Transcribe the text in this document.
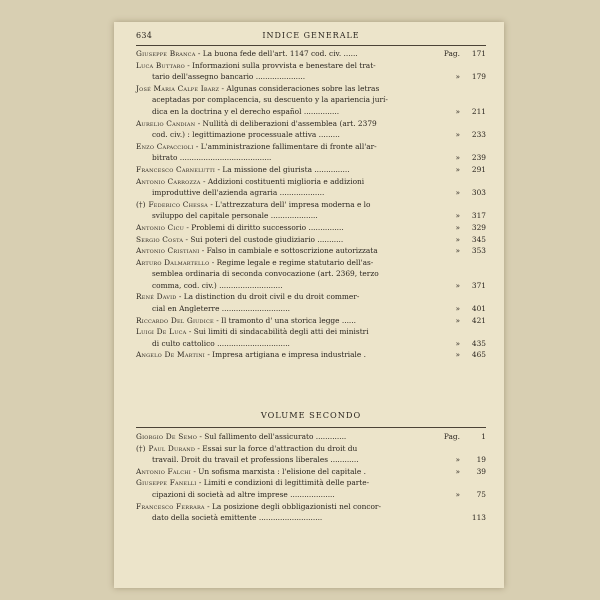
634	INDICE GENERALE
Giuseppe Branca - La buona fede dell'art. 1147 cod. civ. ......	Pag. 171
Luca Buttaro - Informazioni sulla provvista e benestare del trat-
tario dell'assegno bancario .....................	» 179
José Maria Calpe Ibarz - Algunas consideraciones sobre las letras
aceptadas por complacencia, su descuento y la apariencia jurí-
dica en la doctrina y el derecho español ...............	» 211
Aurelio Candian - Nullità di deliberazioni d'assemblea (art. 2379
cod. civ.) : legittimazione processuale attiva .........	» 233
Enzo Capaccioli - L'amministrazione fallimentare di fronte all'ar-
bitrato .......................................	» 239
Francesco Carnelutti - La missione del giurista ...............	» 291
Antonio Carrozza - Addizioni costituenti miglioria e addizioni
improduttive dell'azienda agraria ...................	» 303
(†) Federico Chessa - L'attrezzatura dell' impresa moderna e lo
sviluppo del capitale personale ....................	» 317
Antonio Cicu - Problemi di diritto successorio ...............	» 329
Sergio Costa - Sui poteri del custode giudiziario ...........	» 345
Antonio Cristiani - Falso in cambiale e sottoscrizione autorizzata	» 353
Arturo Dalmartello - Regime legale e regime statutario dell'as-
semblea ordinaria di seconda convocazione (art. 2369, terzo
comma, cod. civ.) ...........................	» 371
René David - La distinction du droit civil e du droit commer-
cial en Angleterre .............................	» 401
Riccardo Del Giudice - Il tramonto d' una storica legge ......	» 421
Luigi De Luca - Sui limiti di sindacabilità degli atti dei ministri
di culto cattolico ...............................	» 435
Angelo De Martini - Impresa artigiana e impresa industriale .	» 465
VOLUME SECONDO
Giorgio De Semo - Sul fallimento dell'assicurato .............	Pag.	1
(†) Paul Durand - Essai sur la force d'attraction du droit du
travail. Droit du travail et professions liberales ............	» 19
Antonio Falchi - Un sofisma marxista : l'elisione del capitale .	» 39
Giuseppe Fanelli - Limiti e condizioni di legittimità delle parte-
cipazioni di società ad altre imprese ...................	» 75
Francesco Ferrara - La posizione degli obbligazionisti nel concor-
dato della società emittente ...........................	113
